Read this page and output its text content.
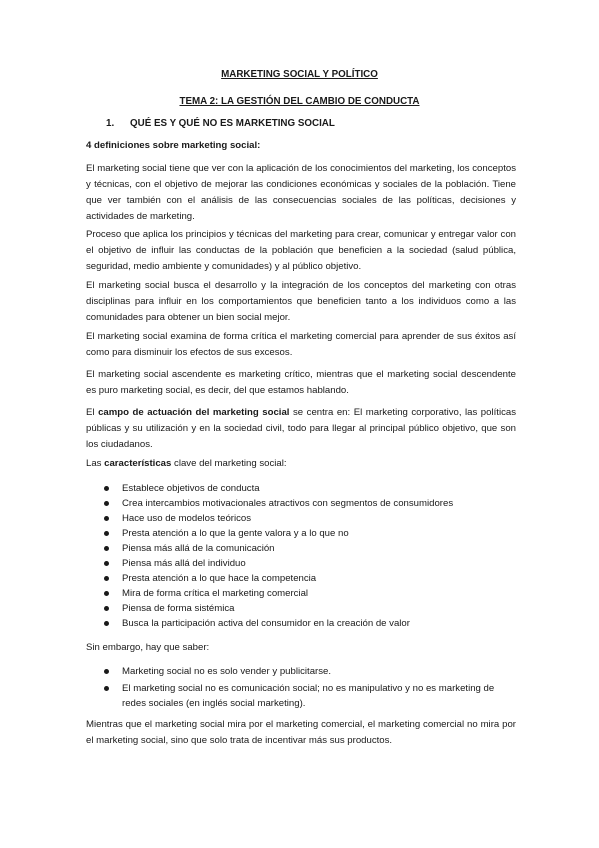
MARKETING SOCIAL Y POLÍTICO
TEMA 2: LA GESTIÓN DEL CAMBIO DE CONDUCTA
1. QUÉ ES Y QUÉ NO ES MARKETING SOCIAL

4 definiciones sobre marketing social:

El marketing social tiene que ver con la aplicación de los conocimientos del marketing, los conceptos y técnicas, con el objetivo de mejorar las condiciones económicas y sociales de la población. Tiene que ver también con el análisis de las consecuencias sociales de las políticas, decisiones y actividades de marketing.

Proceso que aplica los principios y técnicas del marketing para crear, comunicar y entregar valor con el objetivo de influir las conductas de la población que beneficien a la sociedad (salud pública, seguridad, medio ambiente y comunidades) y al público objetivo.

El marketing social busca el desarrollo y la integración de los conceptos del marketing con otras disciplinas para influir en los comportamientos que beneficien tanto a los individuos como a las comunidades para obtener un bien social mejor.

El marketing social examina de forma crítica el marketing comercial para aprender de sus éxitos así como para disminuir los efectos de sus excesos.

El marketing social ascendente es marketing crítico, mientras que el marketing social descendente es puro marketing social, es decir, del que estamos hablando.

El campo de actuación del marketing social se centra en: El marketing corporativo, las políticas públicas y su utilización y en la sociedad civil, todo para llegar al principal público objetivo, que son los ciudadanos.

Las características clave del marketing social:

Establece objetivos de conducta
Crea intercambios motivacionales atractivos con segmentos de consumidores
Hace uso de modelos teóricos
Presta atención a lo que la gente valora y a lo que no
Piensa más allá de la comunicación
Piensa más allá del individuo
Presta atención a lo que hace la competencia
Mira de forma crítica el marketing comercial
Piensa de forma sistémica
Busca la participación activa del consumidor en la creación de valor

Sin embargo, hay que saber:

Marketing social no es solo vender y publicitarse.
El marketing social no es comunicación social; no es manipulativo y no es marketing de redes sociales (en inglés social marketing).

Mientras que el marketing social mira por el marketing comercial, el marketing comercial no mira por el marketing social, sino que solo trata de incentivar más sus productos.
